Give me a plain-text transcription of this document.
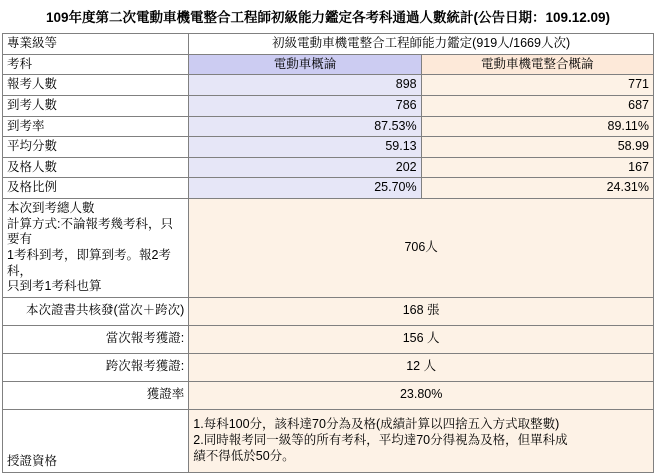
109年度第二次電動車機電整合工程師初級能力鑑定各考科通過人數統計(公告日期：109.12.09)
專業級等	初級電動車機電整合工程師能力鑑定(919人/1669人次)	
考科	電動車概論	電動車機電整合概論
報考人數	898	771
到考人數	786	687
到考率	87.53%	89.11%
平均分數	59.13	58.99
及格人數	202	167
及格比例	25.70%	24.31%

本次到考總人數
計算方式:不論報考幾考科，只要有
1考科到考，即算到考。報2考科，
只到考1考科也算	706人	
本次證書共核發(當次＋跨次)	168 張	
當次報考獲證:	156 人	
跨次報考獲證:	12 人	
獲證率	23.80%	
授證資格	1.每科100分，該科達70分為及格(成績計算以四捨五入方式取整數)
2.同時報考同一級等的所有考科，平均達70分得視為及格，但單科成
績不得低於50分。	
